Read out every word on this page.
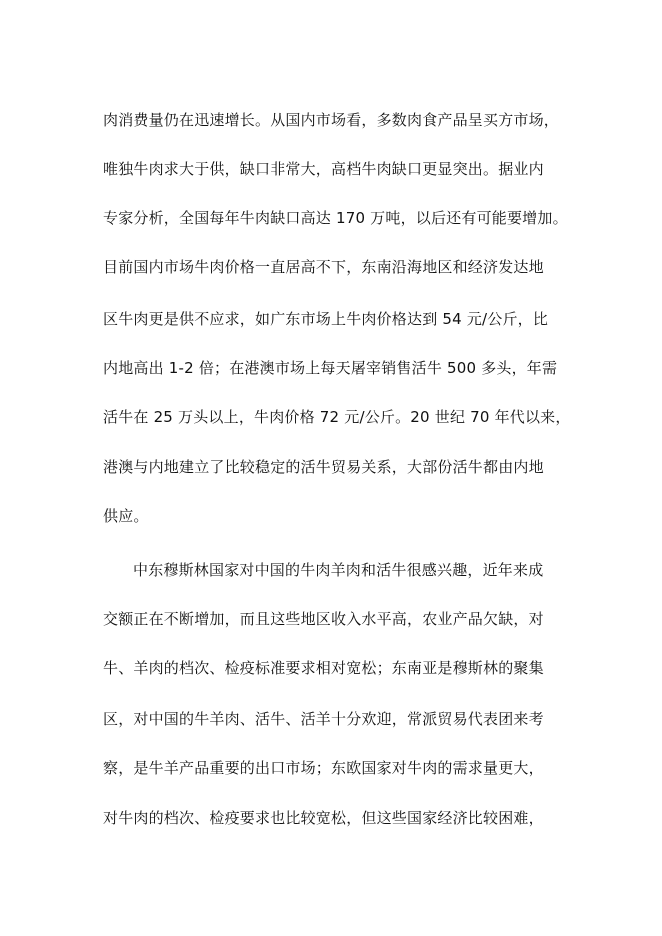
肉消费量仍在迅速增长。从国内市场看，多数肉食产品呈买方市场，
唯独牛肉求大于供，缺口非常大，高档牛肉缺口更显突出。据业内
专家分析，全国每年牛肉缺口高达 170 万吨，以后还有可能要增加。
目前国内市场牛肉价格一直居高不下，东南沿海地区和经济发达地
区牛肉更是供不应求，如广东市场上牛肉价格达到 54 元/公斤，比
内地高出 1-2 倍；在港澳市场上每天屠宰销售活牛 500 多头，年需
活牛在 25 万头以上，牛肉价格 72 元/公斤。20 世纪 70 年代以来，
港澳与内地建立了比较稳定的活牛贸易关系，大部份活牛都由内地
供应。
中东穆斯林国家对中国的牛肉羊肉和活牛很感兴趣，近年来成
交额正在不断增加，而且这些地区收入水平高，农业产品欠缺，对
牛、羊肉的档次、检疫标准要求相对宽松；东南亚是穆斯林的聚集
区，对中国的牛羊肉、活牛、活羊十分欢迎，常派贸易代表团来考
察，是牛羊产品重要的出口市场；东欧国家对牛肉的需求量更大，
对牛肉的档次、检疫要求也比较宽松，但这些国家经济比较困难，
